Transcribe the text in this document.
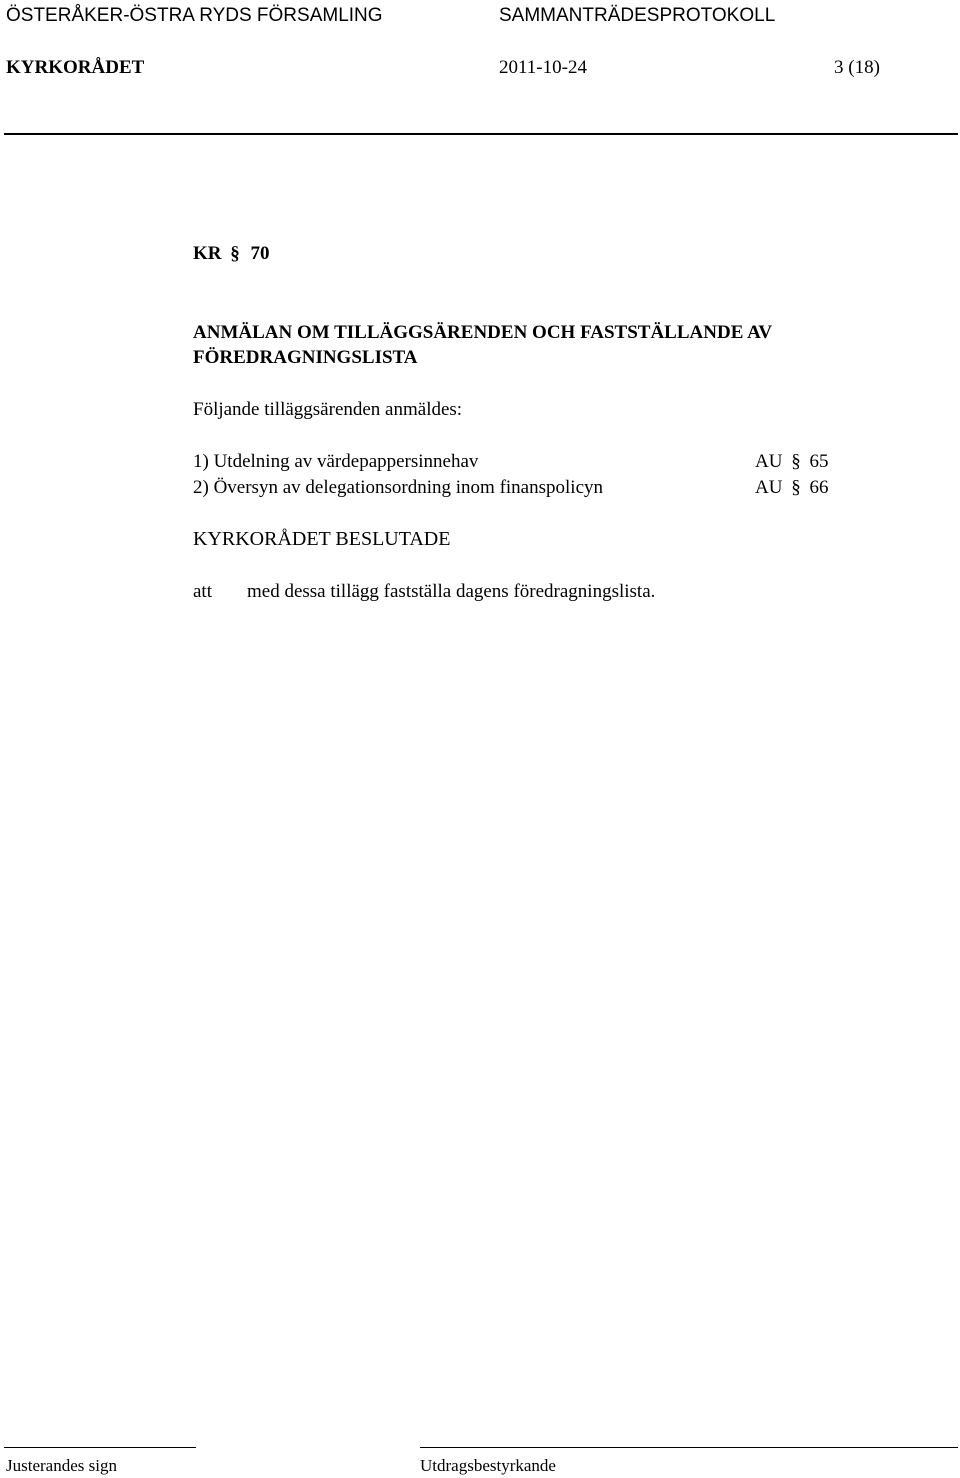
ÖSTERÅKER-ÖSTRA RYDS FÖRSAMLING	SAMMANTRÄDESPROTOKOLL
KYRKORÅDET	2011-10-24	3 (18)
KR § 70
ANMÄLAN OM TILLÄGGSÄRENDEN OCH FASTSTÄLLANDE AV
FÖREDRAGNINGSLISTA
Följande tilläggsärenden anmäldes:
1) Utdelning av värdepappersinnehav	AU § 65
2) Översyn av delegationsordning inom finanspolicyn	AU § 66
KYRKORÅDET BESLUTADE
att med dessa tillägg fastställa dagens föredragningslista.
Justerandes sign	Utdragsbestyrkande
